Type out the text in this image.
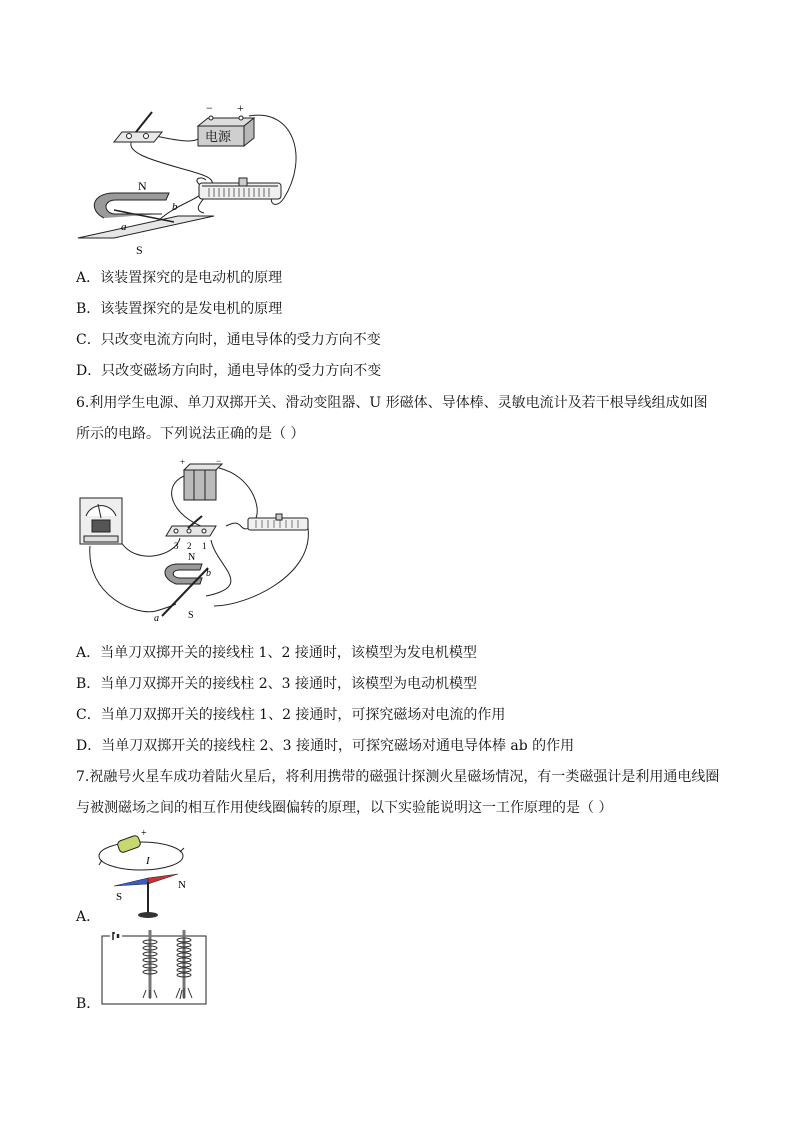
电源
− +
N
S
a
b
A．该装置探究的是电动机的原理
B．该装置探究的是发电机的原理
C．只改变电流方向时，通电导体的受力方向不变
D．只改变磁场方向时，通电导体的受力方向不变
6.利用学生电源、单刀双掷开关、滑动变阻器、U 形磁体、导体棒、灵敏电流计及若干根导线组成如图所示的电路。下列说法正确的是（ ）
+	−
3 2 1
N
S
a
b
A．当单刀双掷开关的接线柱 1、2 接通时，该模型为发电机模型
B．当单刀双掷开关的接线柱 2、3 接通时，该模型为电动机模型
C．当单刀双掷开关的接线柱 1、2 接通时，可探究磁场对电流的作用
D．当单刀双掷开关的接线柱 2、3 接通时，可探究磁场对通电导体棒 ab 的作用
7.祝融号火星车成功着陆火星后，将利用携带的磁强计探测火星磁场情况，有一类磁强计是利用通电线圈与被测磁场之间的相互作用使线圈偏转的原理，以下实验能说明这一工作原理的是（ ）
+
I
S
N
A．
B．
